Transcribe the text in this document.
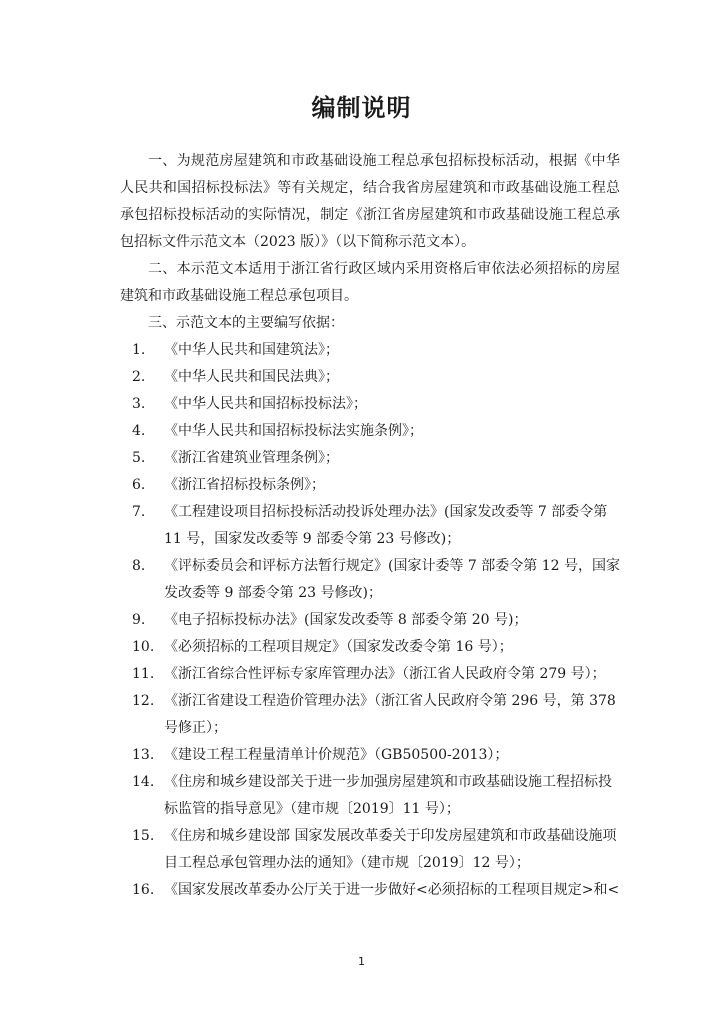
编制说明

一、为规范房屋建筑和市政基础设施工程总承包招标投标活动，根据《中华人民共和国招标投标法》等有关规定，结合我省房屋建筑和市政基础设施工程总承包招标投标活动的实际情况，制定《浙江省房屋建筑和市政基础设施工程总承包招标文件示范文本（2023 版）》（以下简称示范文本）。

二、本示范文本适用于浙江省行政区域内采用资格后审依法必须招标的房屋建筑和市政基础设施工程总承包项目。

三、示范文本的主要编写依据：

1.	《中华人民共和国建筑法》；
2.	《中华人民共和国民法典》；
3.	《中华人民共和国招标投标法》；
4.	《中华人民共和国招标投标法实施条例》；
5.	《浙江省建筑业管理条例》；
6.	《浙江省招标投标条例》；
7.	《工程建设项目招标投标活动投诉处理办法》(国家发改委等 7 部委令第 11 号，国家发改委等 9 部委令第 23 号修改)；
8.	《评标委员会和评标方法暂行规定》(国家计委等 7 部委令第 12 号，国家发改委等 9 部委令第 23 号修改)；
9.	《电子招标投标办法》(国家发改委等 8 部委令第 20 号)；
10. 《必须招标的工程项目规定》（国家发改委令第 16 号）；
11. 《浙江省综合性评标专家库管理办法》（浙江省人民政府令第 279 号）；
12. 《浙江省建设工程造价管理办法》（浙江省人民政府令第 296 号，第 378 号修正）；
13. 《建设工程工程量清单计价规范》（GB50500-2013）；
14. 《住房和城乡建设部关于进一步加强房屋建筑和市政基础设施工程招标投标监管的指导意见》（建市规〔2019〕11 号）；
15. 《住房和城乡建设部 国家发展改革委关于印发房屋建筑和市政基础设施项目工程总承包管理办法的通知》（建市规〔2019〕12 号）；
16. 《国家发展改革委办公厅关于进一步做好<必须招标的工程项目规定>和<
1
